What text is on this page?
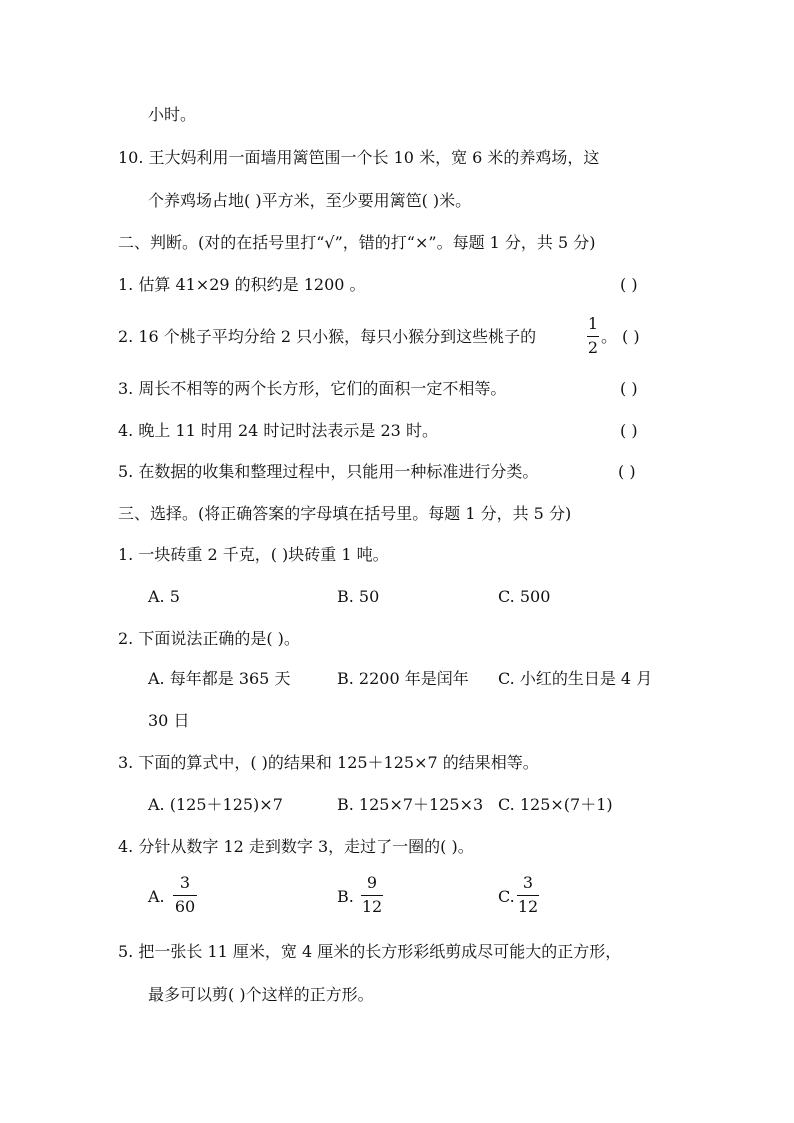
小时。
10. 王大妈利用一面墙用篱笆围一个长 10 米，宽 6 米的养鸡场，这
个养鸡场占地( )平方米，至少要用篱笆( )米。
二、判断。(对的在括号里打“√”，错的打“×”。每题 1 分，共 5 分)
1. 估算 41×29 的积约是 1200 。	( )
2. 16 个桃子平均分给 2 只小猴，每只小猴分到这些桃子的
1
2
。 ( )
3. 周长不相等的两个长方形，它们的面积一定不相等。	( )
4. 晚上 11 时用 24 时记时法表示是 23 时。	( )
5. 在数据的收集和整理过程中，只能用一种标准进行分类。	( )
三、选择。(将正确答案的字母填在括号里。每题 1 分，共 5 分)
1. 一块砖重 2 千克，( )块砖重 1 吨。
A. 5	B. 50	C. 500
2. 下面说法正确的是( )。
A. 每年都是 365 天	B. 2200 年是闰年 C. 小红的生日是 4 月
30 日
3. 下面的算式中，( )的结果和 125＋125×7 的结果相等。
A. (125＋125)×7	B. 125×7＋125×3 C. 125×(7＋1)
4. 分针从数字 12 走到数字 3，走过了一圈的( )。
A.
3
60
B.
9
12
C.
3
12
5. 把一张长 11 厘米，宽 4 厘米的长方形彩纸剪成尽可能大的正方形，
最多可以剪( )个这样的正方形。
